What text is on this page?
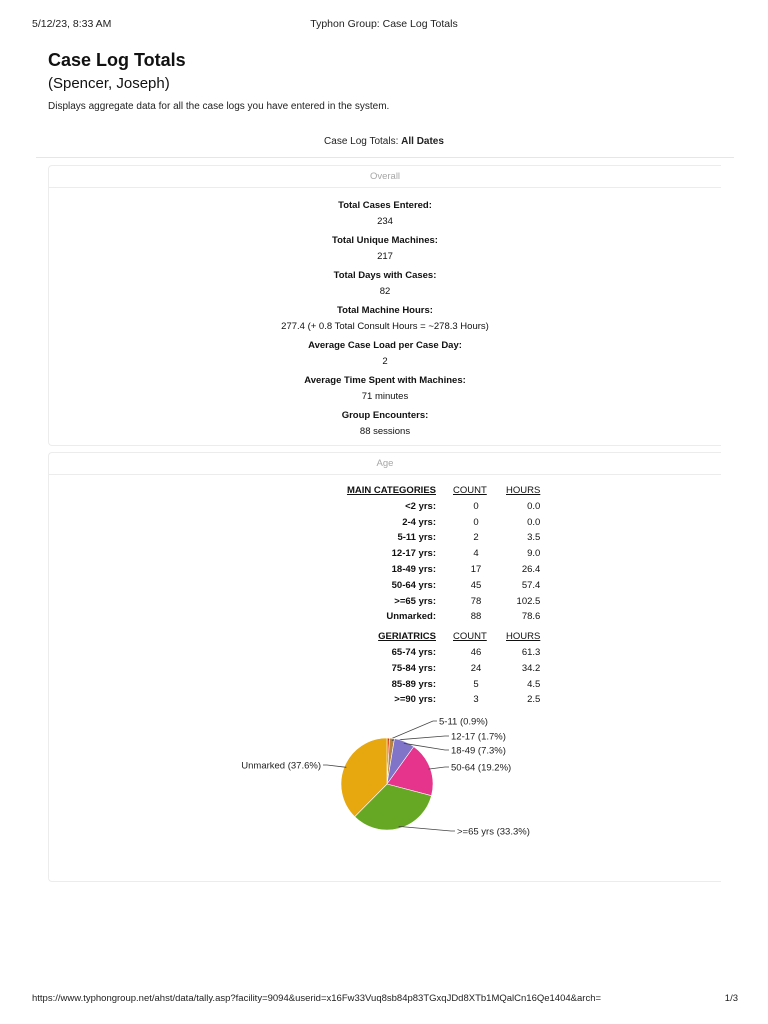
5/12/23, 8:33 AM	Typhon Group: Case Log Totals
Case Log Totals
(Spencer, Joseph)
Displays aggregate data for all the case logs you have entered in the system.
Case Log Totals: All Dates
Overall
Total Cases Entered:
234
Total Unique Machines:
217
Total Days with Cases:
82
Total Machine Hours:
277.4 (+ 0.8 Total Consult Hours = ~278.3 Hours)
Average Case Load per Case Day:
2
Average Time Spent with Machines:
71 minutes
Group Encounters:
88 sessions
Age
MAIN CATEGORIES	COUNT	HOURS
<2 yrs:	0	0.0
2-4 yrs:	0	0.0
5-11 yrs:	2	3.5
12-17 yrs:	4	9.0
18-49 yrs:	17	26.4
50-64 yrs:	45	57.4
>=65 yrs:	78	102.5
Unmarked:	88	78.6

GERIATRICS	COUNT	HOURS
65-74 yrs:	46	61.3
75-84 yrs:	24	34.2
85-89 yrs:	5	4.5
>=90 yrs:	3	2.5
5-11 (0.9%)
12-17 (1.7%)
18-49 (7.3%)
50-64 (19.2%)
>=65 yrs (33.3%)
Unmarked (37.6%)
https://www.typhongroup.net/ahst/data/tally.asp?facility=9094&userid=x16Fw33Vuq8sb84p83TGxqJDd8XTb1MQalCn16Qe1404&arch=	1/3
